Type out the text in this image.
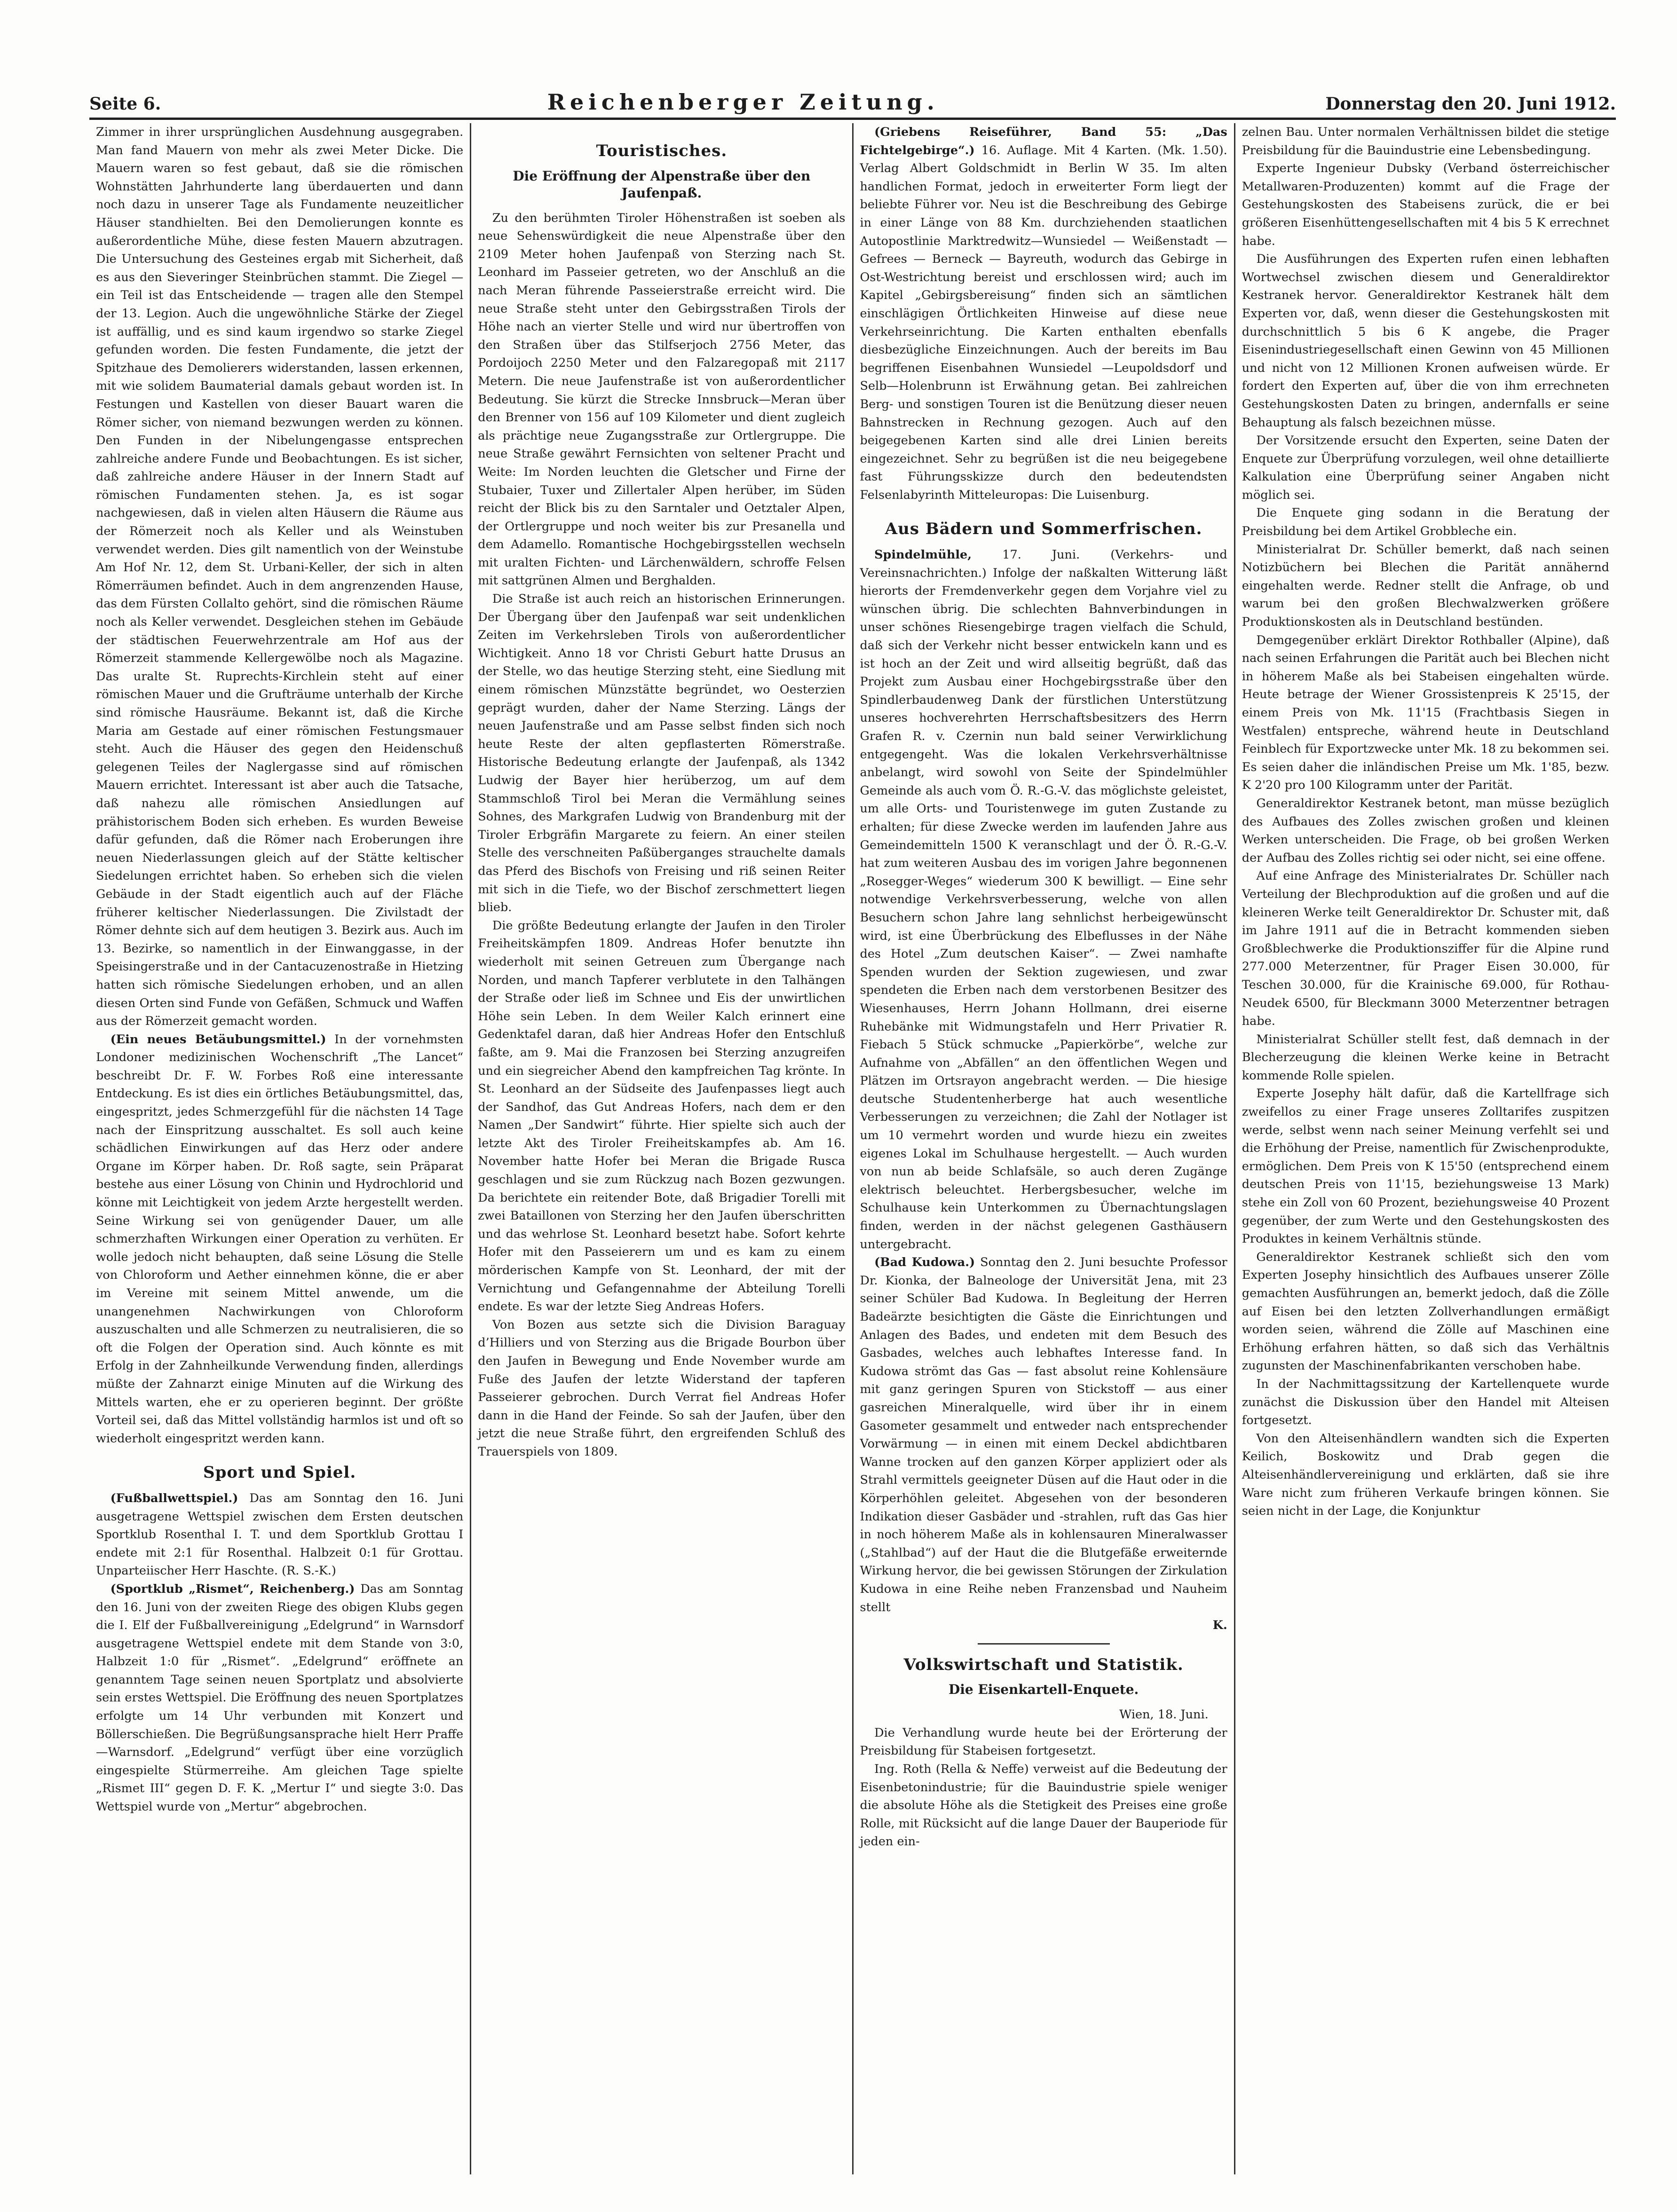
Seite 6.	Reichenberger Zeitung.	Donnerstag den 20. Juni 1912.

Zimmer in ihrer ursprünglichen Ausdehnung ausgegraben. Man fand Mauern von mehr als zwei Meter Dicke. Die Mauern waren so fest gebaut, daß sie die römischen Wohnstätten Jahrhunderte lang überdauerten und dann noch dazu in unserer Tage als Fundamente neuzeitlicher Häuser standhielten. Bei den Demolierungen konnte es außerordentliche Mühe, diese festen Mauern abzutragen. Die Untersuchung des Gesteines ergab mit Sicherheit, daß es aus den Sieveringer Steinbrüchen stammt. Die Ziegel — ein Teil ist das Entscheidende — tragen alle den Stempel der 13. Legion. Auch die ungewöhnliche Stärke der Ziegel ist auffällig, und es sind kaum irgendwo so starke Ziegel gefunden worden. Die festen Fundamente, die jetzt der Spitzhaue des Demolierers widerstanden, lassen erkennen, mit wie solidem Baumaterial damals gebaut worden ist. In Festungen und Kastellen von dieser Bauart waren die Römer sicher, von niemand bezwungen werden zu können. Den Funden in der Nibelungengasse entsprechen zahlreiche andere Funde und Beobachtungen. Es ist sicher, daß zahlreiche andere Häuser in der Innern Stadt auf römischen Fundamenten stehen. Ja, es ist sogar nachgewiesen, daß in vielen alten Häusern die Räume aus der Römerzeit noch als Keller und als Weinstuben verwendet werden. Dies gilt namentlich von der Weinstube Am Hof Nr. 12, dem St. Urbani-Keller, der sich in alten Römerräumen befindet. Auch in dem angrenzenden Hause, das dem Fürsten Collalto gehört, sind die römischen Räume noch als Keller verwendet. Desgleichen stehen im Gebäude der städtischen Feuerwehrzentrale am Hof aus der Römerzeit stammende Kellergewölbe noch als Magazine. Das uralte St. Ruprechts-Kirchlein steht auf einer römischen Mauer und die Grufträume unterhalb der Kirche sind römische Hausräume. Bekannt ist, daß die Kirche Maria am Gestade auf einer römischen Festungsmauer steht. Auch die Häuser des gegen den Heidenschuß gelegenen Teiles der Naglergasse sind auf römischen Mauern errichtet. Interessant ist aber auch die Tatsache, daß nahezu alle römischen Ansiedlungen auf prähistorischem Boden sich erheben. Es wurden Beweise dafür gefunden, daß die Römer nach Eroberungen ihre neuen Niederlassungen gleich auf der Stätte keltischer Siedelungen errichtet haben. So erheben sich die vielen Gebäude in der Stadt eigentlich auch auf der Fläche früherer keltischer Niederlassungen. Die Zivilstadt der Römer dehnte sich auf dem heutigen 3. Bezirk aus. Auch im 13. Bezirke, so namentlich in der Einwanggasse, in der Speisingerstraße und in der Cantacuzenostraße in Hietzing hatten sich römische Siedelungen erhoben, und an allen diesen Orten sind Funde von Gefäßen, Schmuck und Waffen aus der Römerzeit gemacht worden.

(Ein neues Betäubungsmittel.) In der vornehmsten Londoner medizinischen Wochenschrift „The Lancet“ beschreibt Dr. F. W. Forbes Roß eine interessante Entdeckung. Es ist dies ein örtliches Betäubungsmittel, das, eingespritzt, jedes Schmerzgefühl für die nächsten 14 Tage nach der Einspritzung ausschaltet. Es soll auch keine schädlichen Einwirkungen auf das Herz oder andere Organe im Körper haben. Dr. Roß sagte, sein Präparat bestehe aus einer Lösung von Chinin und Hydrochlorid und könne mit Leichtigkeit von jedem Arzte hergestellt werden. Seine Wirkung sei von genügender Dauer, um alle schmerzhaften Wirkungen einer Operation zu verhüten. Er wolle jedoch nicht behaupten, daß seine Lösung die Stelle von Chloroform und Aether einnehmen könne, die er aber im Vereine mit seinem Mittel anwende, um die unangenehmen Nachwirkungen von Chloroform auszuschalten und alle Schmerzen zu neutralisieren, die so oft die Folgen der Operation sind. Auch könnte es mit Erfolg in der Zahnheilkunde Verwendung finden, allerdings müßte der Zahnarzt einige Minuten auf die Wirkung des Mittels warten, ehe er zu operieren beginnt. Der größte Vorteil sei, daß das Mittel vollständig harmlos ist und oft so wiederholt eingespritzt werden kann.

Sport und Spiel.

(Fußballwettspiel.) Das am Sonntag den 16. Juni ausgetragene Wettspiel zwischen dem Ersten deutschen Sportklub Rosenthal I. T. und dem Sportklub Grottau I endete mit 2:1 für Rosenthal. Halbzeit 0:1 für Grottau. Unparteiischer Herr Haschte. (R. S.-K.)

(Sportklub „Rismet“, Reichenberg.) Das am Sonntag den 16. Juni von der zweiten Riege des obigen Klubs gegen die I. Elf der Fußballvereinigung „Edelgrund“ in Warnsdorf ausgetragene Wettspiel endete mit dem Stande von 3:0, Halbzeit 1:0 für „Rismet“. „Edelgrund“ eröffnete an genanntem Tage seinen neuen Sportplatz und absolvierte sein erstes Wettspiel. Die Eröffnung des neuen Sportplatzes erfolgte um 14 Uhr verbunden mit Konzert und Böllerschießen. Die Begrüßungsansprache hielt Herr Praffe—Warnsdorf. „Edelgrund“ verfügt über eine vorzüglich eingespielte Stürmerreihe. Am gleichen Tage spielte „Rismet III“ gegen D. F. K. „Mertur I“ und siegte 3:0. Das Wettspiel wurde von „Mertur“ abgebrochen.

Touristisches.
Die Eröffnung der Alpenstraße über den Jaufenpaß.

Zu den berühmten Tiroler Höhenstraßen ist soeben als neue Sehenswürdigkeit die neue Alpenstraße über den 2109 Meter hohen Jaufenpaß von Sterzing nach St. Leonhard im Passeier getreten, wo der Anschluß an die nach Meran führende Passeierstraße erreicht wird. Die neue Straße steht unter den Gebirgsstraßen Tirols der Höhe nach an vierter Stelle und wird nur übertroffen von den Straßen über das Stilfserjoch 2756 Meter, das Pordoijoch 2250 Meter und den Falzaregopaß mit 2117 Metern. Die neue Jaufenstraße ist von außerordentlicher Bedeutung. Sie kürzt die Strecke Innsbruck—Meran über den Brenner von 156 auf 109 Kilometer und dient zugleich als prächtige neue Zugangsstraße zur Ortlergruppe. Die neue Straße gewährt Fernsichten von seltener Pracht und Weite: Im Norden leuchten die Gletscher und Firne der Stubaier, Tuxer und Zillertaler Alpen herüber, im Süden reicht der Blick bis zu den Sarntaler und Oetztaler Alpen, der Ortlergruppe und noch weiter bis zur Presanella und dem Adamello. Romantische Hochgebirgsstellen wechseln mit uralten Fichten- und Lärchenwäldern, schroffe Felsen mit sattgrünen Almen und Berghalden.

Die Straße ist auch reich an historischen Erinnerungen. Der Übergang über den Jaufenpaß war seit undenklichen Zeiten im Verkehrsleben Tirols von außerordentlicher Wichtigkeit. Anno 18 vor Christi Geburt hatte Drusus an der Stelle, wo das heutige Sterzing steht, eine Siedlung mit einem römischen Münzstätte begründet, wo Oesterzien geprägt wurden, daher der Name Sterzing. Längs der neuen Jaufenstraße und am Passe selbst finden sich noch heute Reste der alten gepflasterten Römerstraße. Historische Bedeutung erlangte der Jaufenpaß, als 1342 Ludwig der Bayer hier herüberzog, um auf dem Stammschloß Tirol bei Meran die Vermählung seines Sohnes, des Markgrafen Ludwig von Brandenburg mit der Tiroler Erbgräfin Margarete zu feiern. An einer steilen Stelle des verschneiten Paßüberganges strauchelte damals das Pferd des Bischofs von Freising und riß seinen Reiter mit sich in die Tiefe, wo der Bischof zerschmettert liegen blieb.

Die größte Bedeutung erlangte der Jaufen in den Tiroler Freiheitskämpfen 1809. Andreas Hofer benutzte ihn wiederholt mit seinen Getreuen zum Übergange nach Norden, und manch Tapferer verblutete in den Talhängen der Straße oder ließ im Schnee und Eis der unwirtlichen Höhe sein Leben. In dem Weiler Kalch erinnert eine Gedenktafel daran, daß hier Andreas Hofer den Entschluß faßte, am 9. Mai die Franzosen bei Sterzing anzugreifen und ein siegreicher Abend den kampfreichen Tag krönte. In St. Leonhard an der Südseite des Jaufenpasses liegt auch der Sandhof, das Gut Andreas Hofers, nach dem er den Namen „Der Sandwirt“ führte. Hier spielte sich auch der letzte Akt des Tiroler Freiheitskampfes ab. Am 16. November hatte Hofer bei Meran die Brigade Rusca geschlagen und sie zum Rückzug nach Bozen gezwungen. Da berichtete ein reitender Bote, daß Brigadier Torelli mit zwei Bataillonen von Sterzing her den Jaufen überschritten und das wehrlose St. Leonhard besetzt habe. Sofort kehrte Hofer mit den Passeierern um und es kam zu einem mörderischen Kampfe von St. Leonhard, der mit der Vernichtung und Gefangennahme der Abteilung Torelli endete. Es war der letzte Sieg Andreas Hofers.

Von Bozen aus setzte sich die Division Baraguay d’Hilliers und von Sterzing aus die Brigade Bourbon über den Jaufen in Bewegung und Ende November wurde am Fuße des Jaufen der letzte Widerstand der tapferen Passeierer gebrochen. Durch Verrat fiel Andreas Hofer dann in die Hand der Feinde. So sah der Jaufen, über den jetzt die neue Straße führt, den ergreifenden Schluß des Trauerspiels von 1809.

(Griebens Reiseführer, Band 55: „Das Fichtelgebirge“.) 16. Auflage. Mit 4 Karten. (Mk. 1.50). Verlag Albert Goldschmidt in Berlin W 35. Im alten handlichen Format, jedoch in erweiterter Form liegt der beliebte Führer vor. Neu ist die Beschreibung des Gebirge in einer Länge von 88 Km. durchziehenden staatlichen Autopostlinie Marktredwitz—Wunsiedel — Weißenstadt — Gefrees — Berneck — Bayreuth, wodurch das Gebirge in Ost-Westrichtung bereist und erschlossen wird; auch im Kapitel „Gebirgsbereisung“ finden sich an sämtlichen einschlägigen Örtlichkeiten Hinweise auf diese neue Verkehrseinrichtung. Die Karten enthalten ebenfalls diesbezügliche Einzeichnungen. Auch der bereits im Bau begriffenen Eisenbahnen Wunsiedel —Leupoldsdorf und Selb—Holenbrunn ist Erwähnung getan. Bei zahlreichen Berg- und sonstigen Touren ist die Benützung dieser neuen Bahnstrecken in Rechnung gezogen. Auch auf den beigegebenen Karten sind alle drei Linien bereits eingezeichnet. Sehr zu begrüßen ist die neu beigegebene fast Führungsskizze durch den bedeutendsten Felsenlabyrinth Mitteleuropas: Die Luisenburg.

Aus Bädern und Sommerfrischen.

Spindelmühle, 17. Juni. (Verkehrs- und Vereinsnachrichten.) Infolge der naßkalten Witterung läßt hierorts der Fremdenverkehr gegen dem Vorjahre viel zu wünschen übrig. Die schlechten Bahnverbindungen in unser schönes Riesengebirge tragen vielfach die Schuld, daß sich der Verkehr nicht besser entwickeln kann und es ist hoch an der Zeit und wird allseitig begrüßt, daß das Projekt zum Ausbau einer Hochgebirgsstraße über den Spindlerbaudenweg Dank der fürstlichen Unterstützung unseres hochverehrten Herrschaftsbesitzers des Herrn Grafen R. v. Czernin nun bald seiner Verwirklichung entgegengeht. Was die lokalen Verkehrsverhältnisse anbelangt, wird sowohl von Seite der Spindelmühler Gemeinde als auch vom Ö. R.-G.-V. das möglichste geleistet, um alle Orts- und Touristenwege im guten Zustande zu erhalten; für diese Zwecke werden im laufenden Jahre aus Gemeindemitteln 1500 K veranschlagt und der Ö. R.-G.-V. hat zum weiteren Ausbau des im vorigen Jahre begonnenen „Rosegger-Weges“ wiederum 300 K bewilligt. — Eine sehr notwendige Verkehrsverbesserung, welche von allen Besuchern schon Jahre lang sehnlichst herbeigewünscht wird, ist eine Überbrückung des Elbeflusses in der Nähe des Hotel „Zum deutschen Kaiser“. — Zwei namhafte Spenden wurden der Sektion zugewiesen, und zwar spendeten die Erben nach dem verstorbenen Besitzer des Wiesenhauses, Herrn Johann Hollmann, drei eiserne Ruhebänke mit Widmungstafeln und Herr Privatier R. Fiebach 5 Stück schmucke „Papierkörbe“, welche zur Aufnahme von „Abfällen“ an den öffentlichen Wegen und Plätzen im Ortsrayon angebracht werden. — Die hiesige deutsche Studentenherberge hat auch wesentliche Verbesserungen zu verzeichnen; die Zahl der Notlager ist um 10 vermehrt worden und wurde hiezu ein zweites eigenes Lokal im Schulhause hergestellt. — Auch wurden von nun ab beide Schlafsäle, so auch deren Zugänge elektrisch beleuchtet. Herbergsbesucher, welche im Schulhause kein Unterkommen zu Übernachtungslagen finden, werden in der nächst gelegenen Gasthäusern untergebracht.

(Bad Kudowa.) Sonntag den 2. Juni besuchte Professor Dr. Kionka, der Balneologe der Universität Jena, mit 23 seiner Schüler Bad Kudowa. In Begleitung der Herren Badeärzte besichtigten die Gäste die Einrichtungen und Anlagen des Bades, und endeten mit dem Besuch des Gasbades, welches auch lebhaftes Interesse fand. In Kudowa strömt das Gas — fast absolut reine Kohlensäure mit ganz geringen Spuren von Stickstoff — aus einer gasreichen Mineralquelle, wird über ihr in einem Gasometer gesammelt und entweder nach entsprechender Vorwärmung — in einen mit einem Deckel abdichtbaren Wanne trocken auf den ganzen Körper appliziert oder als Strahl vermittels geeigneter Düsen auf die Haut oder in die Körperhöhlen geleitet. Abgesehen von der besonderen Indikation dieser Gasbäder und -strahlen, ruft das Gas hier in noch höherem Maße als in kohlensauren Mineralwasser („Stahlbad“) auf der Haut die die Blutgefäße erweiternde Wirkung hervor, die bei gewissen Störungen der Zirkulation Kudowa in eine Reihe neben Franzensbad und Nauheim stellt

K.
Volkswirtschaft und Statistik.
Die Eisenkartell-Enquete.
Wien, 18. Juni.

Die Verhandlung wurde heute bei der Erörterung der Preisbildung für Stabeisen fortgesetzt.

Ing. Roth (Rella & Neffe) verweist auf die Bedeutung der Eisenbetonindustrie; für die Bauindustrie spiele weniger die absolute Höhe als die Stetigkeit des Preises eine große Rolle, mit Rücksicht auf die lange Dauer der Bauperiode für jeden ein-

zelnen Bau. Unter normalen Verhältnissen bildet die stetige Preisbildung für die Bauindustrie eine Lebensbedingung.

Experte Ingenieur Dubsky (Verband österreichischer Metallwaren-Produzenten) kommt auf die Frage der Gestehungskosten des Stabeisens zurück, die er bei größeren Eisenhüttengesellschaften mit 4 bis 5 K errechnet habe.

Die Ausführungen des Experten rufen einen lebhaften Wortwechsel zwischen diesem und Generaldirektor Kestranek hervor. Generaldirektor Kestranek hält dem Experten vor, daß, wenn dieser die Gestehungskosten mit durchschnittlich 5 bis 6 K angebe, die Prager Eisenindustriegesellschaft einen Gewinn von 45 Millionen und nicht von 12 Millionen Kronen aufweisen würde. Er fordert den Experten auf, über die von ihm errechneten Gestehungskosten Daten zu bringen, andernfalls er seine Behauptung als falsch bezeichnen müsse.

Der Vorsitzende ersucht den Experten, seine Daten der Enquete zur Überprüfung vorzulegen, weil ohne detaillierte Kalkulation eine Überprüfung seiner Angaben nicht möglich sei.

Die Enquete ging sodann in die Beratung der Preisbildung bei dem Artikel Grobbleche ein.

Ministerialrat Dr. Schüller bemerkt, daß nach seinen Notizbüchern bei Blechen die Parität annähernd eingehalten werde. Redner stellt die Anfrage, ob und warum bei den großen Blechwalzwerken größere Produktionskosten als in Deutschland bestünden.

Demgegenüber erklärt Direktor Rothballer (Alpine), daß nach seinen Erfahrungen die Parität auch bei Blechen nicht in höherem Maße als bei Stabeisen eingehalten würde. Heute betrage der Wiener Grossistenpreis K 25'15, der einem Preis von Mk. 11'15 (Frachtbasis Siegen in Westfalen) entspreche, während heute in Deutschland Feinblech für Exportzwecke unter Mk. 18 zu bekommen sei. Es seien daher die inländischen Preise um Mk. 1'85, bezw. K 2'20 pro 100 Kilogramm unter der Parität.

Generaldirektor Kestranek betont, man müsse bezüglich des Aufbaues des Zolles zwischen großen und kleinen Werken unterscheiden. Die Frage, ob bei großen Werken der Aufbau des Zolles richtig sei oder nicht, sei eine offene.

Auf eine Anfrage des Ministerialrates Dr. Schüller nach Verteilung der Blechproduktion auf die großen und auf die kleineren Werke teilt Generaldirektor Dr. Schuster mit, daß im Jahre 1911 auf die in Betracht kommenden sieben Großblechwerke die Produktionsziffer für die Alpine rund 277.000 Meterzentner, für Prager Eisen 30.000, für Teschen 30.000, für die Krainische 69.000, für Rothau-Neudek 6500, für Bleckmann 3000 Meterzentner betragen habe.

Ministerialrat Schüller stellt fest, daß demnach in der Blecherzeugung die kleinen Werke keine in Betracht kommende Rolle spielen.

Experte Josephy hält dafür, daß die Kartellfrage sich zweifellos zu einer Frage unseres Zolltarifes zuspitzen werde, selbst wenn nach seiner Meinung verfehlt sei und die Erhöhung der Preise, namentlich für Zwischenprodukte, ermöglichen. Dem Preis von K 15'50 (entsprechend einem deutschen Preis von 11'15, beziehungsweise 13 Mark) stehe ein Zoll von 60 Prozent, beziehungsweise 40 Prozent gegenüber, der zum Werte und den Gestehungskosten des Produktes in keinem Verhältnis stünde.

Generaldirektor Kestranek schließt sich den vom Experten Josephy hinsichtlich des Aufbaues unserer Zölle gemachten Ausführungen an, bemerkt jedoch, daß die Zölle auf Eisen bei den letzten Zollverhandlungen ermäßigt worden seien, während die Zölle auf Maschinen eine Erhöhung erfahren hätten, so daß sich das Verhältnis zugunsten der Maschinenfabrikanten verschoben habe.

In der Nachmittagssitzung der Kartellenquete wurde zunächst die Diskussion über den Handel mit Alteisen fortgesetzt.

Von den Alteisenhändlern wandten sich die Experten Keilich, Boskowitz und Drab gegen die Alteisenhändlervereinigung und erklärten, daß sie ihre Ware nicht zum früheren Verkaufe bringen können. Sie seien nicht in der Lage, die Konjunktur
